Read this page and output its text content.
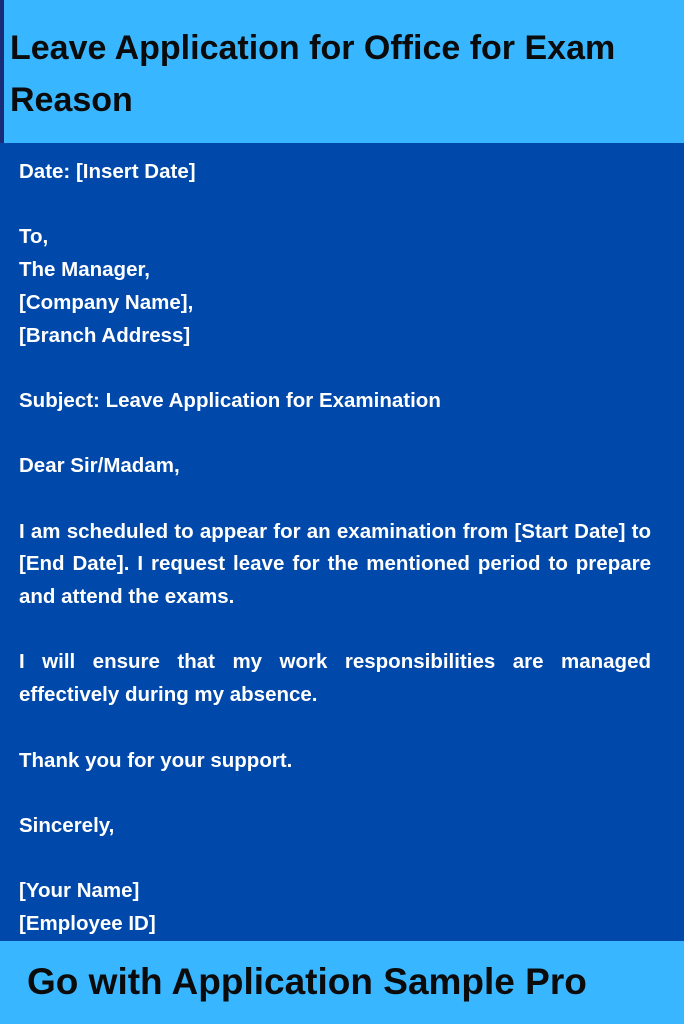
Leave Application for Office for Exam Reason
Date: [Insert Date]
To,
The Manager,
[Company Name],
[Branch Address]
Subject: Leave Application for Examination
Dear Sir/Madam,
I am scheduled to appear for an examination from [Start Date] to [End Date]. I request leave for the mentioned period to prepare and attend the exams.
I will ensure that my work responsibilities are managed effectively during my absence.
Thank you for your support.
Sincerely,
[Your Name]
[Employee ID]

Go with Application Sample Pro
